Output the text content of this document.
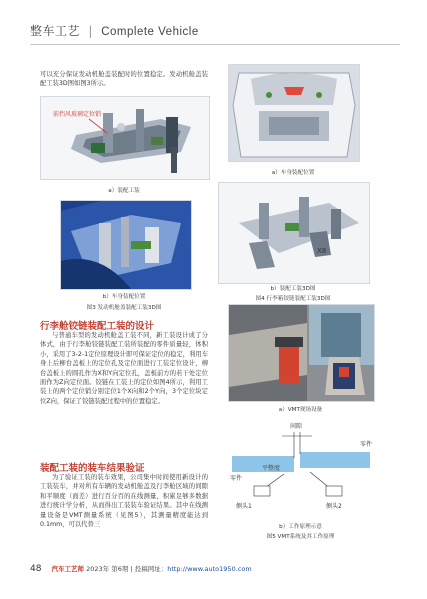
整车工艺 | Complete Vehicle
可以充分保证发动机舱盖装配时的位置稳定。发动机舱盖装配工装3D图如图3所示。
前挡风玻璃定位销
a）装配工装
b）车身装配位置
图3 发动机舱盖装配工装3D图
行李舱铰链装配工装的设计
与普通车型的发动机舱盖工装不同，新工装设计成了分体式，由于行李舱铰链装配工装所装配的零件质量轻，体积小，采用了3-2-1定位原理设计即可保证定位的稳定，利用车身上后柳台盖板上的定位孔及定位面进行工装定位设计，柳台盖板上的圆孔作为X和Y向定位孔，盖板前方的若干处定位面作为Z向定位面。铰链在工装上的定位如图4所示，利用工装上的两个定位销分别定位1个X向和2个Y向，3个定位块定位Z向，保证了铰链装配过程中的位置稳定。
装配工装的装车结果验证
为了验证工装的装车效果，公司集中时间使用新设计的工装装车，并对所有车辆的发动机舱盖及行李舱区域的间隙和平顺度（面差）进行百分百的在线测量，积累足够多数据进行统计学分析，从而得出工装装车验证结果。其中在线测量设备是VMT测量系统（见图5），其测量精度能达到0.1mm，可以代替三
a）车身装配位置
X8
b）装配工装3D图
图4 行李箱铰链装配工装3D图
a）VMT现场设备
间隙
零件
零件
平整度
侧头1	侧头2
b）工作原理示意
图5 VMT系统及其工作原理
48 汽车工艺师 2023年 第6期 | 投稿网址：http://www.auto1950.com
